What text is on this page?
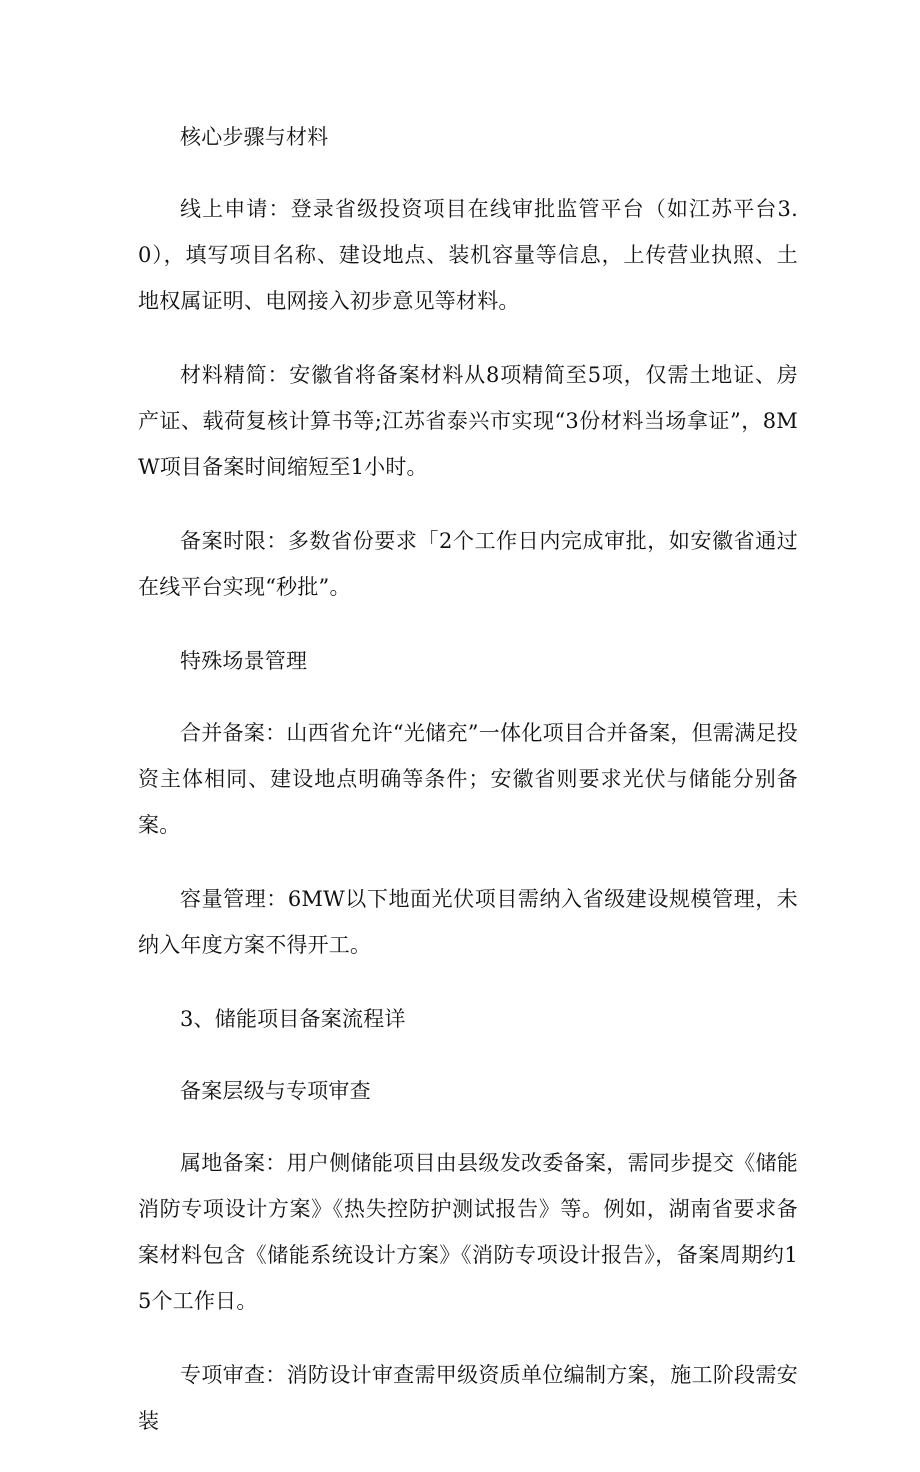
核心步骤与材料

线上申请：登录省级投资项目在线审批监管平台（如江苏平台3.0），填写项目名称、建设地点、装机容量等信息，上传营业执照、土地权属证明、电网接入初步意见等材料。

材料精简：安徽省将备案材料从8项精简至5项，仅需土地证、房产证、载荷复核计算书等;江苏省泰兴市实现“3份材料当场拿证”，8MW项目备案时间缩短至1小时。

备案时限：多数省份要求「2个工作日内完成审批，如安徽省通过在线平台实现“秒批”。

特殊场景管理

合并备案：山西省允许“光储充”一体化项目合并备案，但需满足投资主体相同、建设地点明确等条件；安徽省则要求光伏与储能分别备案。

容量管理：6MW以下地面光伏项目需纳入省级建设规模管理，未纳入年度方案不得开工。

3、储能项目备案流程详

备案层级与专项审查

属地备案：用户侧储能项目由县级发改委备案，需同步提交《储能消防专项设计方案》《热失控防护测试报告》等。例如，湖南省要求备案材料包含《储能系统设计方案》《消防专项设计报告》，备案周期约15个工作日。

专项审查：消防设计审查需甲级资质单位编制方案，施工阶段需安装
